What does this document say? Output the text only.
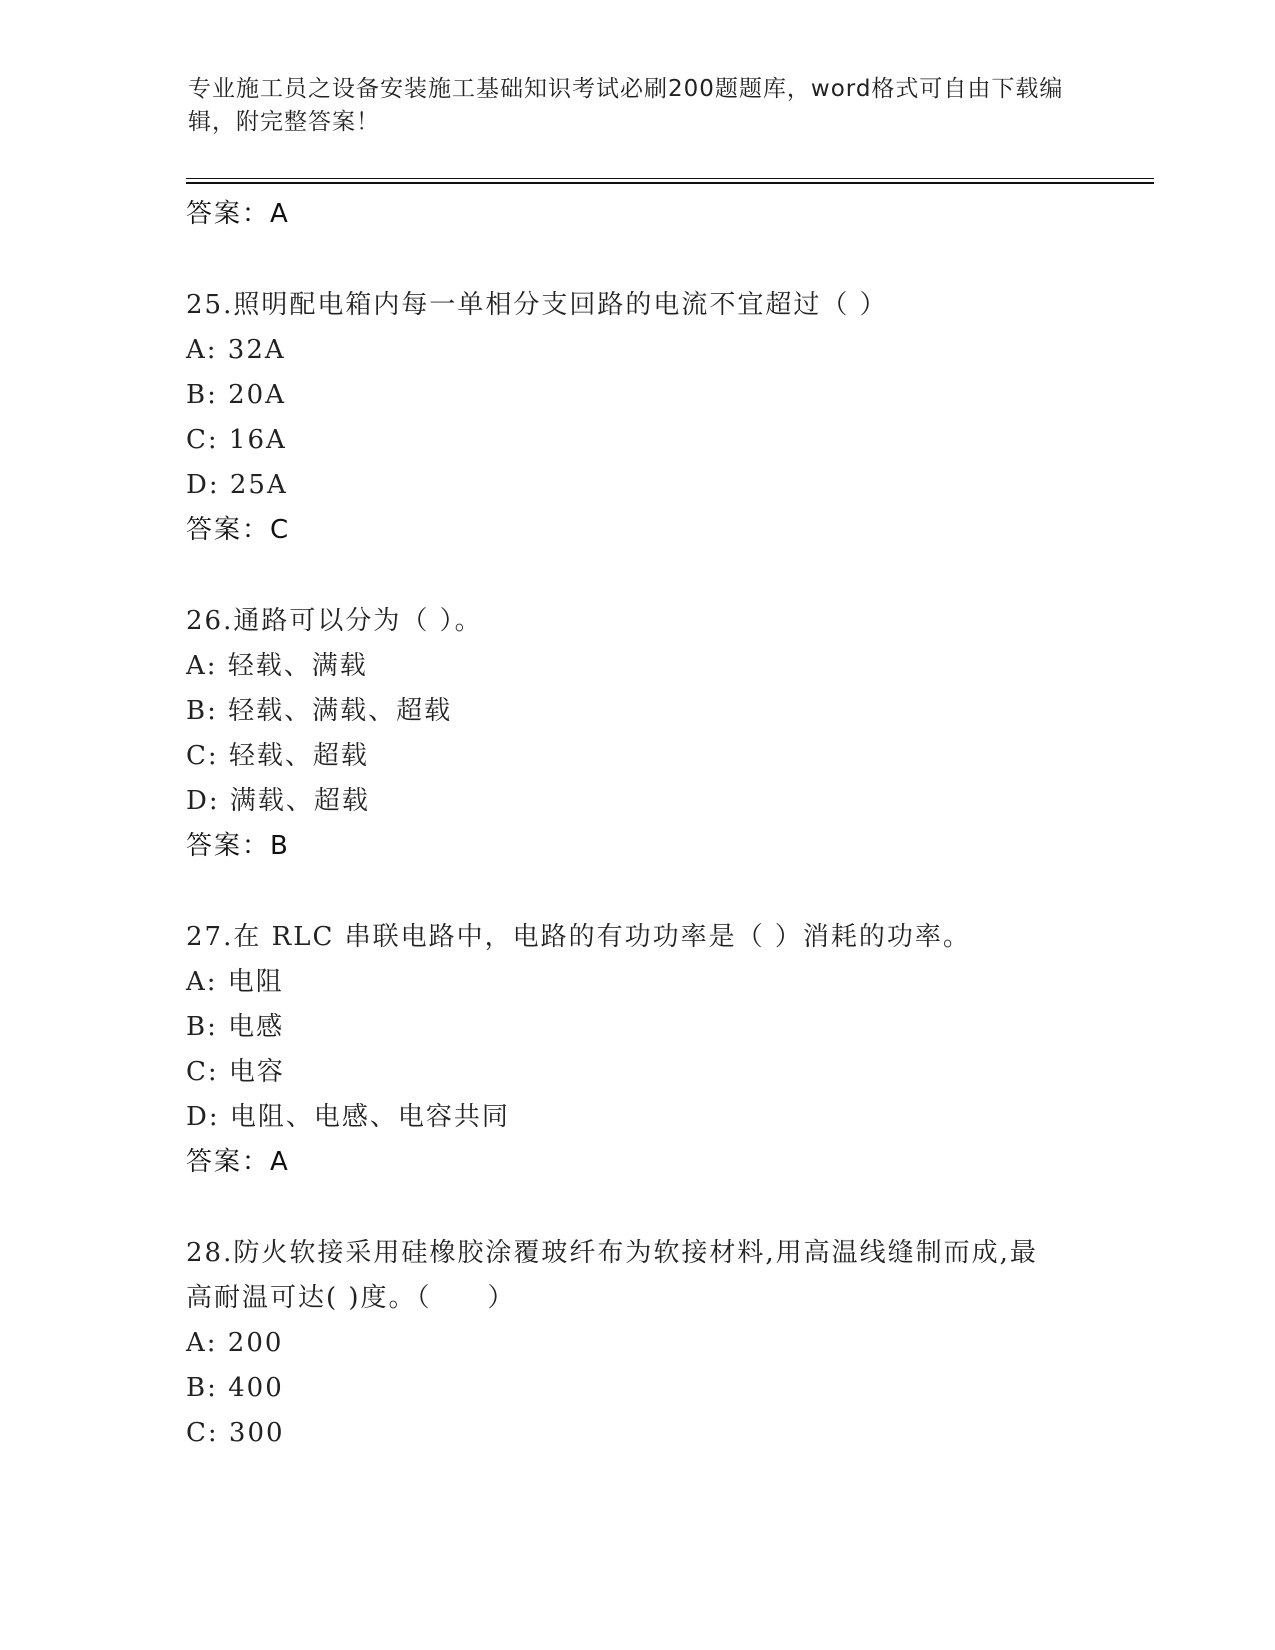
专业施工员之设备安装施工基础知识考试必刷200题题库，word格式可自由下载编辑，附完整答案！
答案：A
25.照明配电箱内每一单相分支回路的电流不宜超过（ ）
A: 32A
B: 20A
C: 16A
D: 25A
答案：C
26.通路可以分为（ ）。
A: 轻载、满载
B: 轻载、满载、超载
C: 轻载、超载
D: 满载、超载
答案：B
27.在 RLC 串联电路中，电路的有功功率是（ ）消耗的功率。
A: 电阻
B: 电感
C: 电容
D: 电阻、电感、电容共同
答案：A
28.防火软接采用硅橡胶涂覆玻纤布为软接材料,用高温线缝制而成,最
高耐温可达( )度。（　　）
A: 200
B: 400
C: 300
